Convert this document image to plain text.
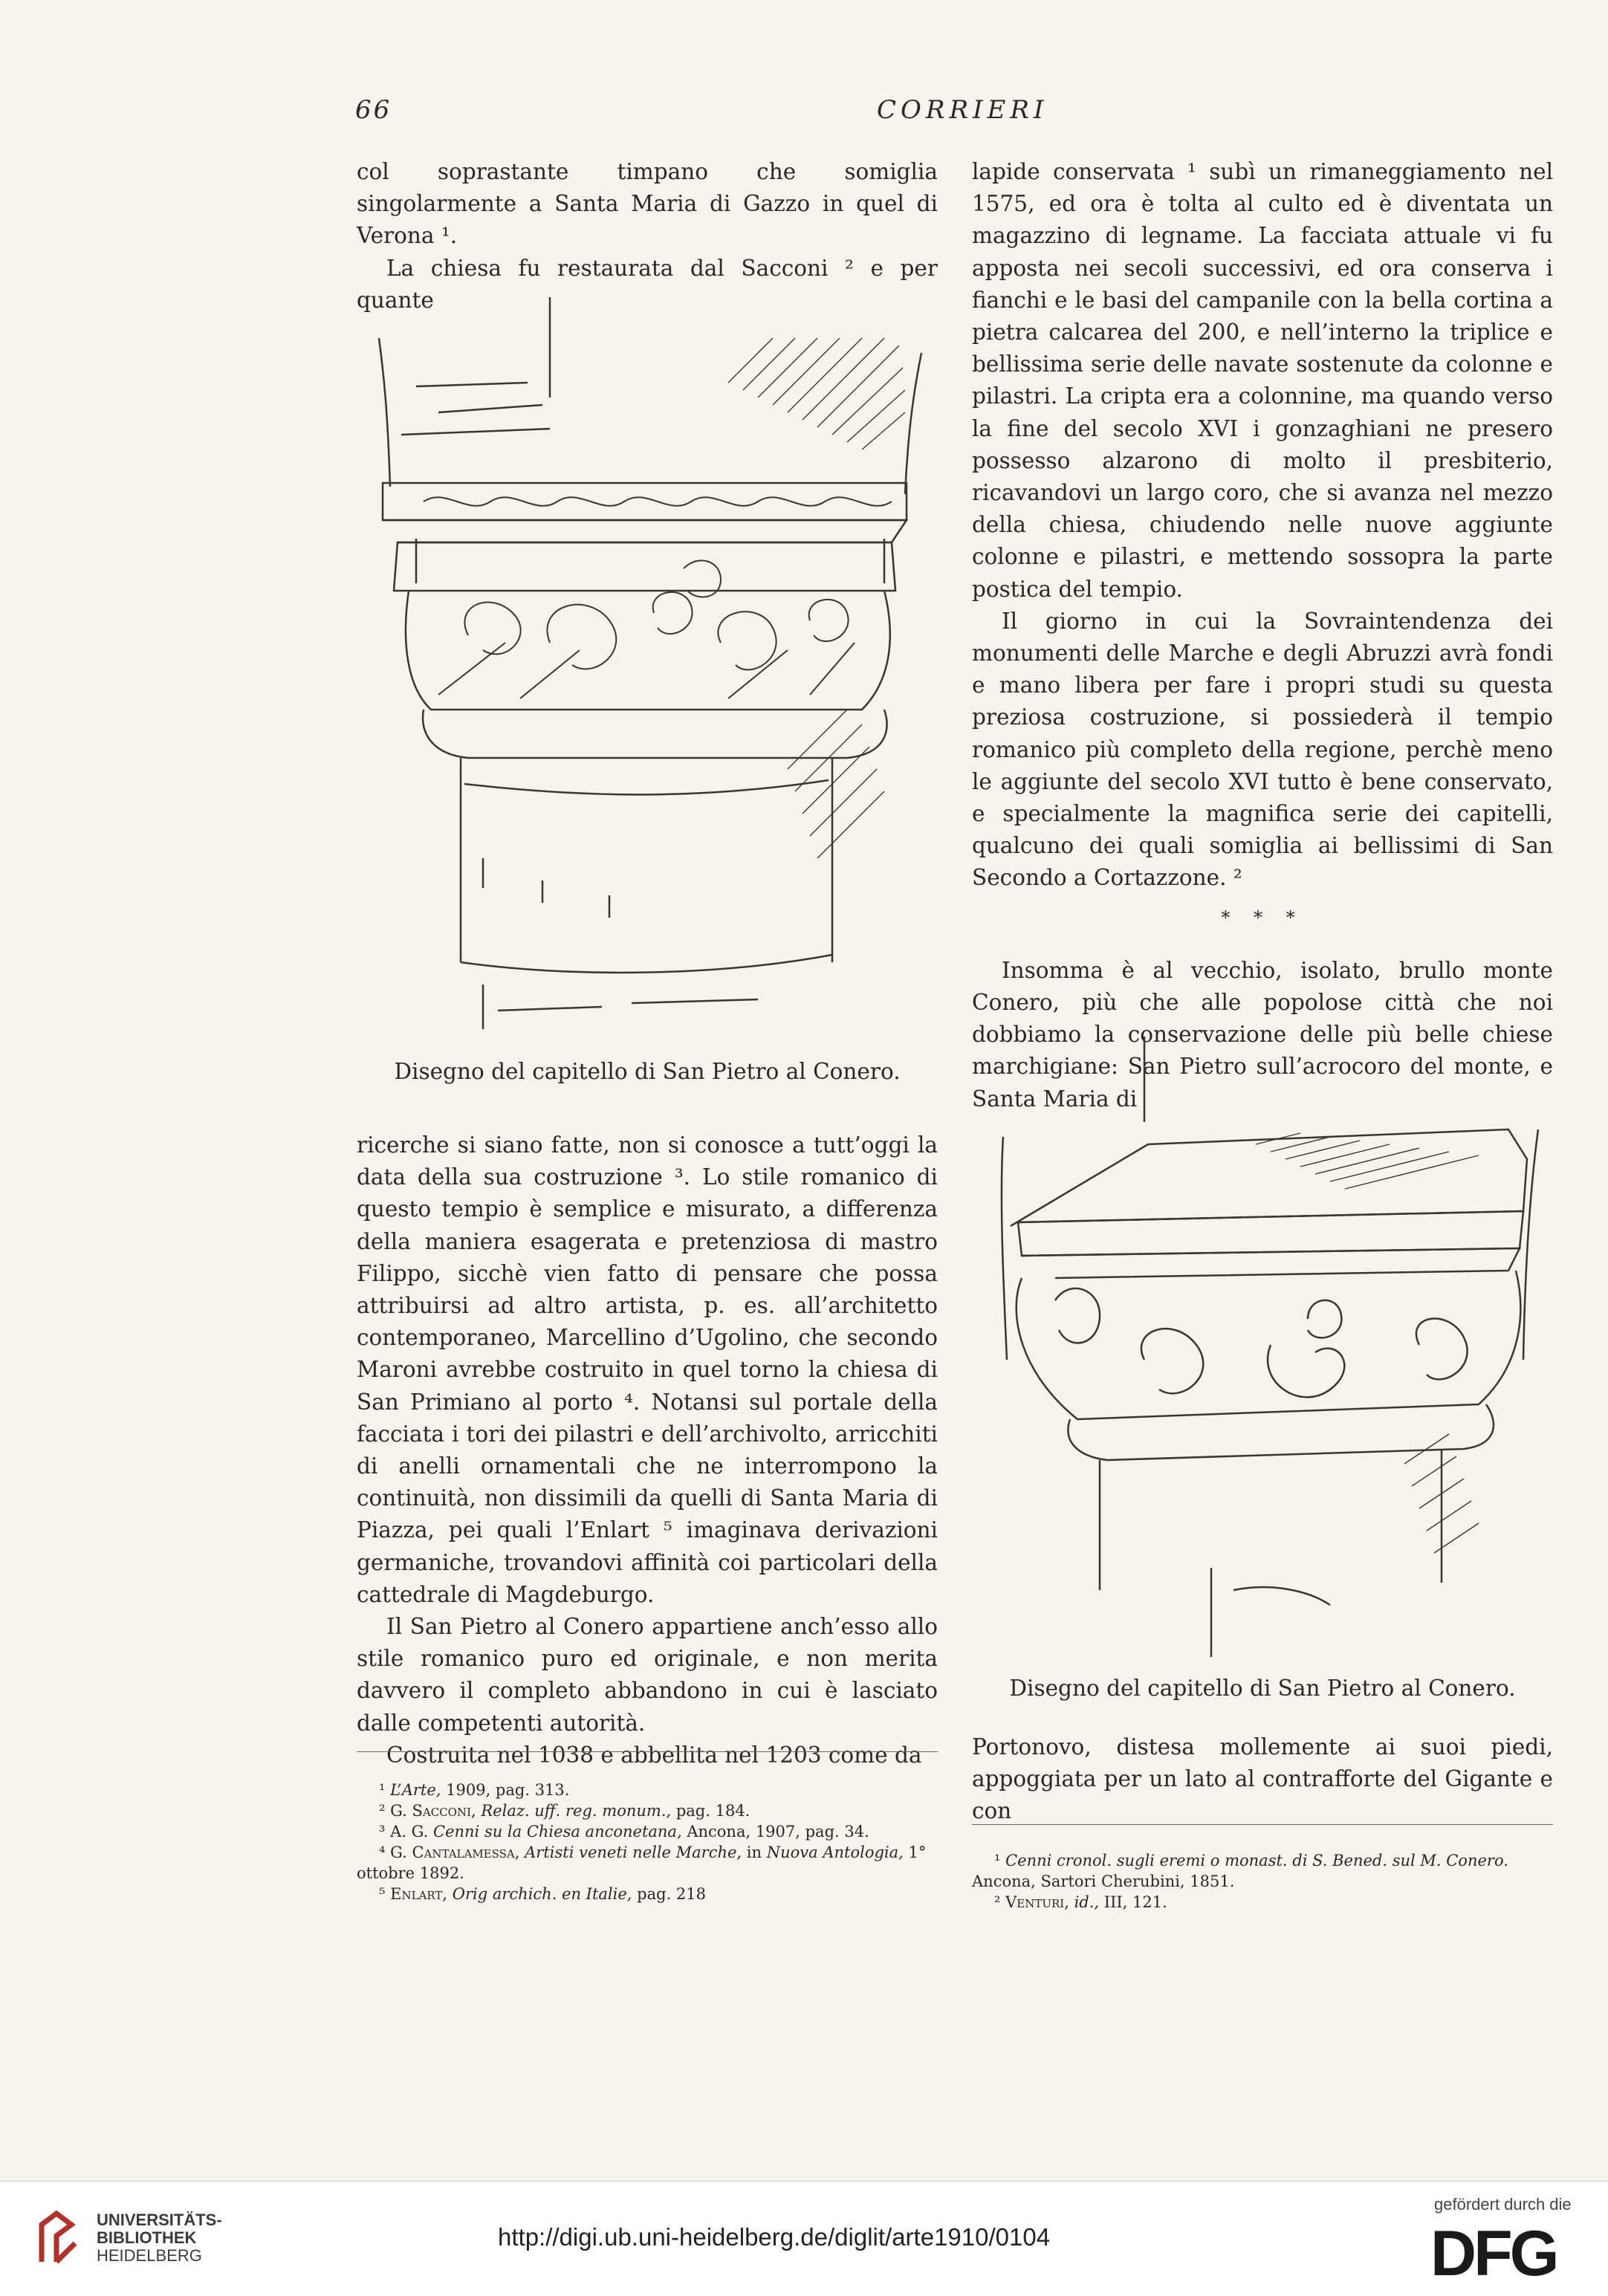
66	CORRIERI

col soprastante timpano che somiglia singolarmente a Santa Maria di Gazzo in quel di Verona ¹.

La chiesa fu restaurata dal Sacconi ² e per quante

Disegno del capitello di San Pietro al Conero.

ricerche si siano fatte, non si conosce a tutt’oggi la data della sua costruzione ³. Lo stile romanico di questo tempio è semplice e misurato, a differenza della maniera esagerata e pretenziosa di mastro Filippo, sicchè vien fatto di pensare che possa attribuirsi ad altro artista, p. es. all’architetto contemporaneo, Marcellino d’Ugolino, che secondo Maroni avrebbe costruito in quel torno la chiesa di San Primiano al porto ⁴. Notansi sul portale della facciata i tori dei pilastri e dell’archivolto, arricchiti di anelli ornamentali che ne interrompono la continuità, non dissimili da quelli di Santa Maria di Piazza, pei quali l’Enlart ⁵ imaginava derivazioni germaniche, trovandovi affinità coi particolari della cattedrale di Magdeburgo.

Il San Pietro al Conero appartiene anch’esso allo stile romanico puro ed originale, e non merita davvero il completo abbandono in cui è lasciato dalle competenti autorità.

Costruita nel 1038 e abbellita nel 1203 come da

¹ L’Arte, 1909, pag. 313.

² G. Sacconi, Relaz. uff. reg. monum., pag. 184.

³ A. G. Cenni su la Chiesa anconetana, Ancona, 1907, pag. 34.

⁴ G. Cantalamessa, Artisti veneti nelle Marche, in Nuova Antologia, 1° ottobre 1892.

⁵ Enlart, Orig archich. en Italie, pag. 218

lapide conservata ¹ subì un rimaneggiamento nel 1575, ed ora è tolta al culto ed è diventata un magazzino di legname. La facciata attuale vi fu apposta nei secoli successivi, ed ora conserva i fianchi e le basi del campanile con la bella cortina a pietra calcarea del 200, e nell’interno la triplice e bellissima serie delle navate sostenute da colonne e pilastri. La cripta era a colonnine, ma quando verso la fine del secolo XVI i gonzaghiani ne presero possesso alzarono di molto il presbiterio, ricavandovi un largo coro, che si avanza nel mezzo della chiesa, chiudendo nelle nuove aggiunte colonne e pilastri, e mettendo sossopra la parte postica del tempio.

Il giorno in cui la Sovraintendenza dei monumenti delle Marche e degli Abruzzi avrà fondi e mano libera per fare i propri studi su questa preziosa costruzione, si possiederà il tempio romanico più completo della regione, perchè meno le aggiunte del secolo XVI tutto è bene conservato, e specialmente la magnifica serie dei capitelli, qualcuno dei quali somiglia ai bellissimi di San Secondo a Cortazzone. ²

* * *

Insomma è al vecchio, isolato, brullo monte Conero, più che alle popolose città che noi dobbiamo la conservazione delle più belle chiese marchigiane: San Pietro sull’acrocoro del monte, e Santa Maria di

Disegno del capitello di San Pietro al Conero.

Portonovo, distesa mollemente ai suoi piedi, appoggiata per un lato al contrafforte del Gigante e con

¹ Cenni cronol. sugli eremi o monast. di S. Bened. sul M. Conero. Ancona, Sartori Cherubini, 1851.

² Venturi, id., III, 121.

UNIVERSITÄTS-
BIBLIOTHEK
HEIDELBERG
http://digi.ub.uni-heidelberg.de/diglit/arte1910/0104
gefördert durch die
DFG
